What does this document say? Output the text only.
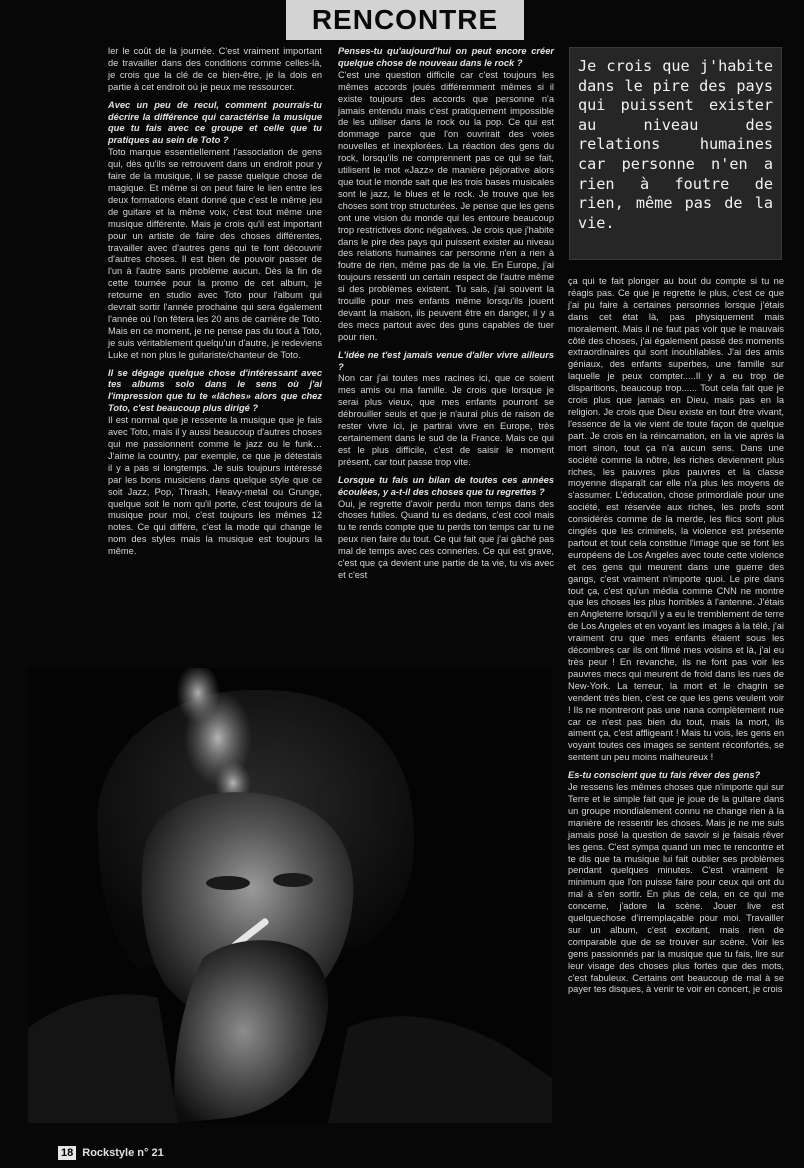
RENCONTRE

ler le coût de la journée. C'est vraiment important de travailler dans des conditions comme celles-là, je crois que la clé de ce bien-être, je la dois en partie à cet endroit où je peux me ressourcer.

Avec un peu de recul, comment pourrais-tu décrire la différence qui caractérise la musique que tu fais avec ce groupe et celle que tu pratiques au sein de Toto ?

Toto marque essentiellement l'association de gens qui, dès qu'ils se retrouvent dans un endroit pour y faire de la musique, il se passe quelque chose de magique. Et même si on peut faire le lien entre les deux formations étant donné que c'est le même jeu de guitare et la même voix, c'est tout même une musique différente. Mais je crois qu'il est important pour un artiste de faire des choses différentes, travailler avec d'autres gens qui te font découvrir d'autres choses. Il est bien de pouvoir passer de l'un à l'autre sans problème aucun. Dès la fin de cette tournée pour la promo de cet album, je retourne en studio avec Toto pour l'album qui devrait sortir l'année prochaine qui sera également l'année où l'on fêtera les 20 ans de carrière de Toto. Mais en ce moment, je ne pense pas du tout à Toto, je suis véritablement quelqu'un d'autre, je redeviens Luke et non plus le guitariste/chanteur de Toto.

Il se dégage quelque chose d'intéressant avec tes albums solo dans le sens où j'ai l'impression que tu te «lâches» alors que chez Toto, c'est beaucoup plus dirigé ?

Il est normal que je ressente la musique que je fais avec Toto, mais il y aussi beaucoup d'autres choses qui me passionnent comme le jazz ou le funk… J'aime la country, par exemple, ce que je détestais il y a pas si longtemps. Je suis toujours intéressé par les bons musiciens dans quelque style que ce soit Jazz, Pop, Thrash, Heavy-metal ou Grunge, quelque soit le nom qu'il porte, c'est toujours de la musique pour moi, c'est toujours les mêmes 12 notes. Ce qui diffère, c'est la mode qui change le nom des styles mais la musique est toujours la même.

Penses-tu qu'aujourd'hui on peut encore créer quelque chose de nouveau dans le rock ?

C'est une question difficile car c'est toujours les mêmes accords joués différemment mêmes si il existe toujours des accords que personne n'a jamais entendu mais c'est pratiquement impossible de les utiliser dans le rock ou la pop. Ce qui est dommage parce que l'on ouvrirait des voies nouvelles et inexplorées. La réaction des gens du rock, lorsqu'ils ne comprennent pas ce qui se fait, utilisent le mot «Jazz» de manière péjorative alors que tout le monde sait que les trois bases musicales sont le jazz, le blues et le rock. Je trouve que les choses sont trop structurées. Je pense que les gens ont une vision du monde qui les entoure beaucoup trop restrictives donc négatives. Je crois que j'habite dans le pire des pays qui puissent exister au niveau des relations humaines car personne n'en a rien à foutre de rien, même pas de la vie. En Europe, j'ai toujours ressenti un certain respect de l'autre même si des problèmes existent. Tu sais, j'ai souvent la trouille pour mes enfants même lorsqu'ils jouent devant la maison, ils peuvent être en danger, il y a des mecs partout avec des guns capables de tuer pour rien.

L'idée ne t'est jamais venue d'aller vivre ailleurs ?

Non car j'ai toutes mes racines ici, que ce soient mes amis ou ma famille. Je crois que lorsque je serai plus vieux, que mes enfants pourront se débrouiller seuls et que je n'aurai plus de raison de rester vivre ici, je partirai vivre en Europe, très certainement dans le sud de la France. Mais ce qui est le plus difficile, c'est de saisir le moment présent, car tout passe trop vite.

Lorsque tu fais un bilan de toutes ces années écoulées, y a-t-il des choses que tu regrettes ?

Oui, je regrette d'avoir perdu mon temps dans des choses futiles. Quand tu es dedans, c'est cool mais tu te rends compte que tu perds ton temps car tu ne peux rien faire du tout. Ce qui fait que j'ai gâché pas mal de temps avec ces conneries. Ce qui est grave, c'est que ça devient une partie de ta vie, tu vis avec et c'est

Je crois que j'habite dans le pire des pays qui puissent exister au niveau des relations humaines car personne n'en a rien à foutre de rien, même pas de la vie.

ça qui te fait plonger au bout du compte si tu ne réagis pas. Ce que je regrette le plus, c'est ce que j'ai pu faire à certaines personnes lorsque j'étais dans cet état là, pas physiquement mais moralement. Mais il ne faut pas voir que le mauvais côté des choses, j'ai également passé des moments extraordinaires qui sont inoubliables. J'ai des amis géniaux, des enfants superbes, une famille sur laquelle je peux compter.....Il y a eu trop de disparitions, beaucoup trop...... Tout cela fait que je crois plus que jamais en Dieu, mais pas en la religion. Je crois que Dieu existe en tout être vivant, l'essence de la vie vient de toute façon de quelque part. Je crois en la réincarnation, en la vie après la mort sinon, tout ça n'a aucun sens. Dans une société comme la nôtre, les riches deviennent plus riches, les pauvres plus pauvres et la classe moyenne disparaît car elle n'a plus les moyens de s'assumer. L'éducation, chose primordiale pour une société, est réservée aux riches, les profs sont considérés comme de la merde, les flics sont plus cinglés que les criminels, la violence est présente partout et tout cela constitue l'image que se font les européens de Los Angeles avec toute cette violence et ces gens qui meurent dans une guerre des gangs, c'est vraiment n'importe quoi. Le pire dans tout ça, c'est qu'un média comme CNN ne montre que les choses les plus horribles à l'antenne. J'étais en Angleterre lorsqu'il y a eu le tremblement de terre de Los Angeles et en voyant les images à la télé, j'ai vraiment cru que mes enfants étaient sous les décombres car ils ont filmé mes voisins et là, j'ai eu très peur ! En revanche, ils ne font pas voir les pauvres mecs qui meurent de froid dans les rues de New-York. La terreur, la mort et le chagrin se vendent très bien, c'est ce que les gens veulent voir ! Ils ne montreront pas une nana complètement nue car ce n'est pas bien du tout, mais la mort, ils aiment ça, c'est affligeant ! Mais tu vois, les gens en voyant toutes ces images se sentent réconfortés, se sentent un peu moins malheureux !

Es-tu conscient que tu fais rêver des gens?

Je ressens les mêmes choses que n'importe qui sur Terre et le simple fait que je joue de la guitare dans un groupe mondialement connu ne change rien à la manière de ressentir les choses. Mais je ne me suis jamais posé la question de savoir si je faisais rêver les gens. C'est sympa quand un mec te rencontre et te dis que ta musique lui fait oublier ses problèmes pendant quelques minutes. C'est vraiment le minimum que l'on puisse faire pour ceux qui ont du mal à s'en sortir. En plus de cela, en ce qui me concerne, j'adore la scène. Jouer live est quelquechose d'irremplaçable pour moi. Travailler sur un album, c'est excitant, mais rien de comparable que de se trouver sur scène. Voir les gens passionnés par la musique que tu fais, lire sur leur visage des choses plus fortes que des mots, c'est fabuleux. Certains ont beaucoup de mal à se payer tes disques, à venir te voir en concert, je crois

18 Rockstyle n° 21
